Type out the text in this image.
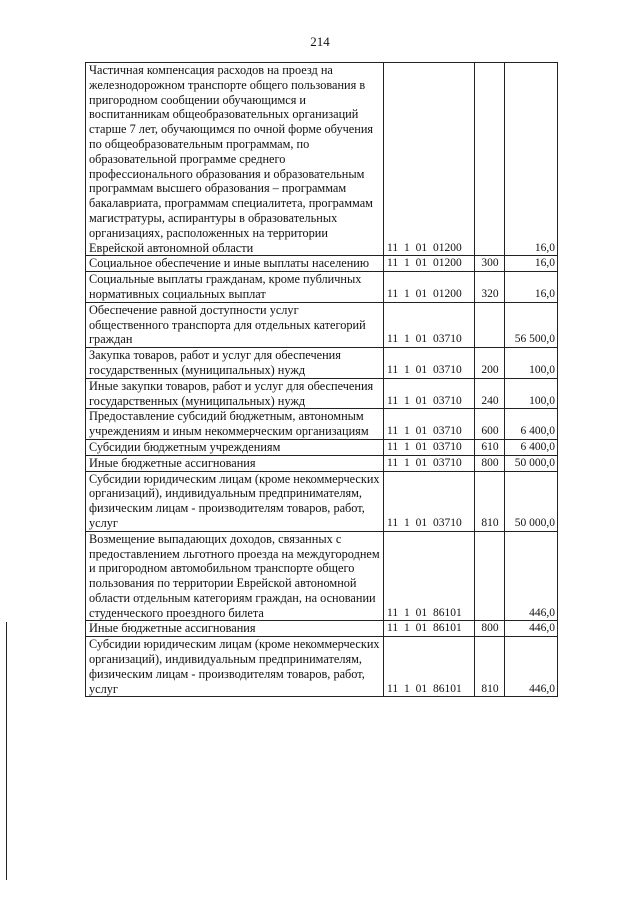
214
Частичная компенсация расходов на проезд на железнодорожном транспорте общего пользования в пригородном сообщении обучающимся и воспитанникам общеобразовательных организаций старше 7 лет, обучающимся по очной форме обучения по общеобразовательным программам, по образовательной программе среднего профессионального образования и образовательным программам высшего образования – программам бакалавриата, программам специалитета, программам магистратуры, аспирантуры в образовательных организациях, расположенных на территории Еврейской автономной области	11 1 01 01200		16,0
Социальное обеспечение и иные выплаты населению	11 1 01 01200	300	16,0
Социальные выплаты гражданам, кроме публичных нормативных социальных выплат	11 1 01 01200	320	16,0
Обеспечение равной доступности услуг общественного транспорта для отдельных категорий граждан	11 1 01 03710		56 500,0
Закупка товаров, работ и услуг для обеспечения государственных (муниципальных) нужд	11 1 01 03710	200	100,0
Иные закупки товаров, работ и услуг для обеспечения государственных (муниципальных) нужд	11 1 01 03710	240	100,0
Предоставление субсидий бюджетным, автономным учреждениям и иным некоммерческим организациям	11 1 01 03710	600	6 400,0
Субсидии бюджетным учреждениям	11 1 01 03710	610	6 400,0
Иные бюджетные ассигнования	11 1 01 03710	800	50 000,0
Субсидии юридическим лицам (кроме некоммерческих организаций), индивидуальным предпринимателям, физическим лицам - производителям товаров, работ, услуг	11 1 01 03710	810	50 000,0
Возмещение выпадающих доходов, связанных с предоставлением льготного проезда на междугороднем и пригородном автомобильном транспорте общего пользования по территории Еврейской автономной области отдельным категориям граждан, на основании студенческого проездного билета	11 1 01 86101		446,0
Иные бюджетные ассигнования	11 1 01 86101	800	446,0
Субсидии юридическим лицам (кроме некоммерческих организаций), индивидуальным предпринимателям, физическим лицам - производителям товаров, работ, услуг	11 1 01 86101	810	446,0
